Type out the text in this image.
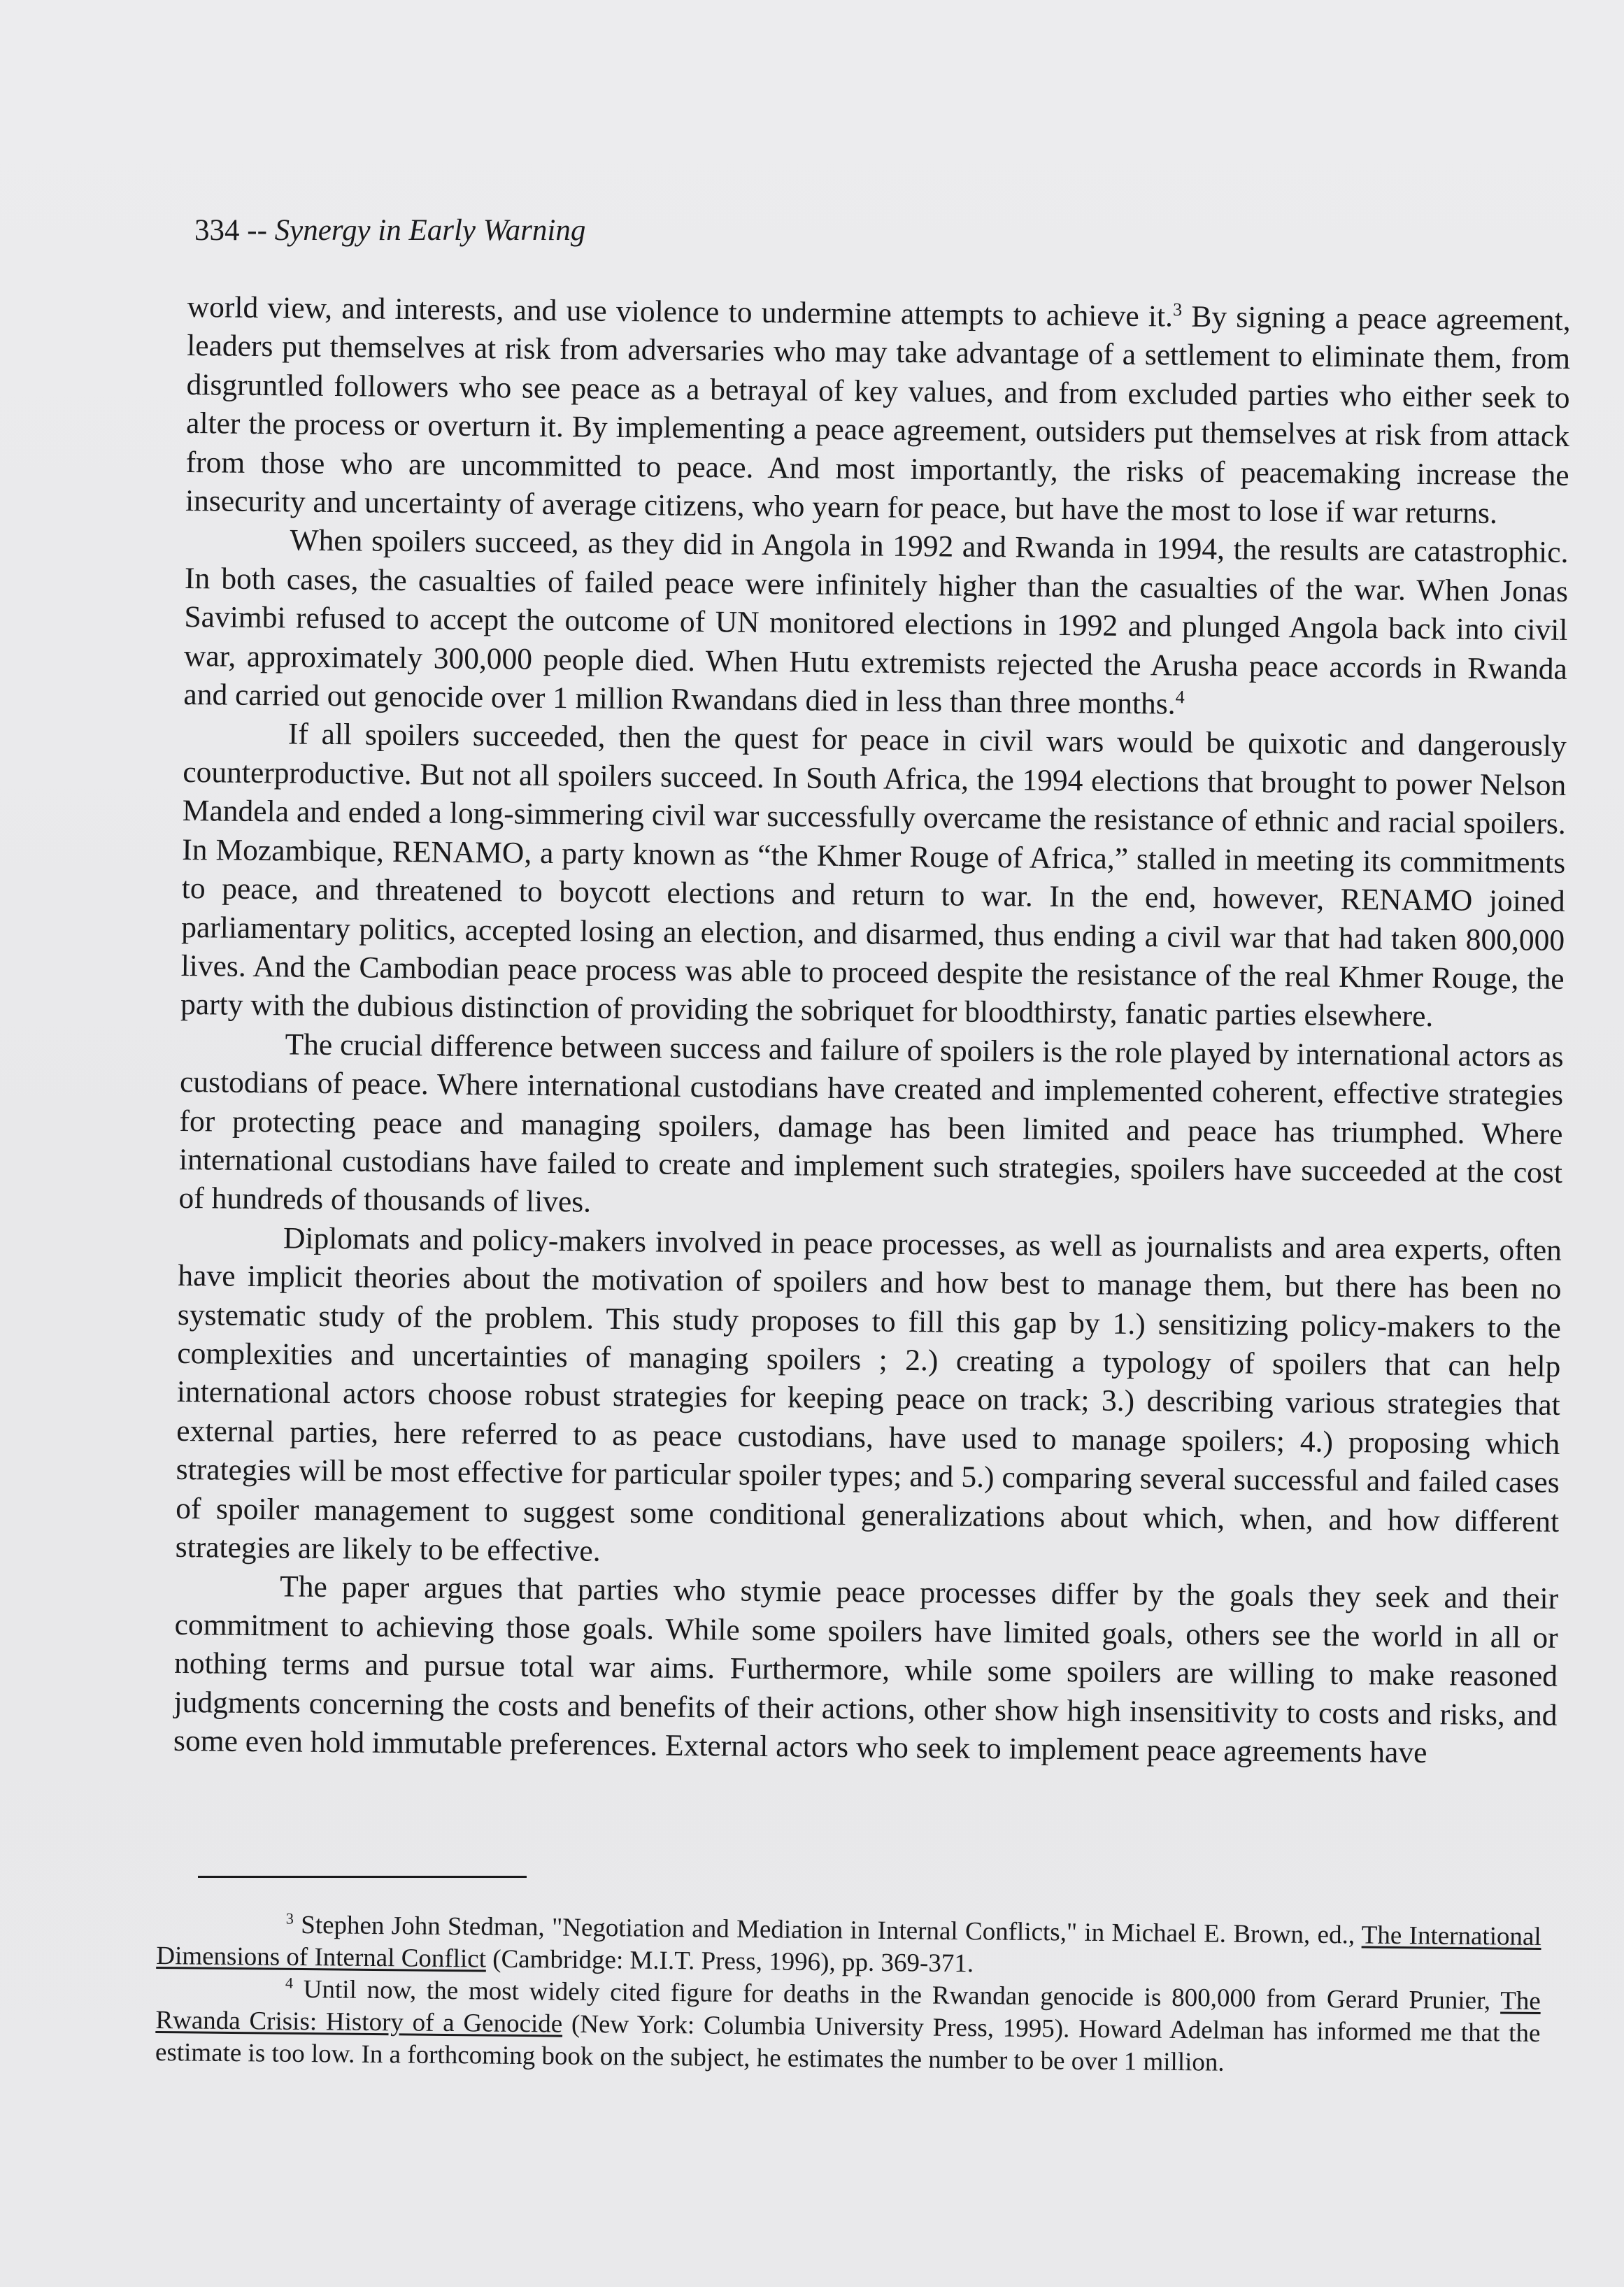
334 -- Synergy in Early Warning

world view, and interests, and use violence to undermine attempts to achieve it.$^3$ By signing a peace agreement, leaders put themselves at risk from adversaries who may take advantage of a settlement to eliminate them, from disgruntled followers who see peace as a betrayal of key values, and from excluded parties who either seek to alter the process or overturn it. By implementing a peace agreement, outsiders put themselves at risk from attack from those who are uncommitted to peace. And most importantly, the risks of peacemaking increase the insecurity and uncertainty of average citizens, who yearn for peace, but have the most to lose if war returns.

When spoilers succeed, as they did in Angola in 1992 and Rwanda in 1994, the results are catastrophic. In both cases, the casualties of failed peace were infinitely higher than the casualties of the war. When Jonas Savimbi refused to accept the outcome of UN monitored elections in 1992 and plunged Angola back into civil war, approximately 300,000 people died. When Hutu extremists rejected the Arusha peace accords in Rwanda and carried out genocide over 1 million Rwandans died in less than three months.$^4$

If all spoilers succeeded, then the quest for peace in civil wars would be quixotic and dangerously counterproductive. But not all spoilers succeed. In South Africa, the 1994 elections that brought to power Nelson Mandela and ended a long-simmering civil war successfully overcame the resistance of ethnic and racial spoilers. In Mozambique, RENAMO, a party known as “the Khmer Rouge of Africa,” stalled in meeting its commitments to peace, and threatened to boycott elections and return to war. In the end, however, RENAMO joined parliamentary politics, accepted losing an election, and disarmed, thus ending a civil war that had taken 800,000 lives. And the Cambodian peace process was able to proceed despite the resistance of the real Khmer Rouge, the party with the dubious distinction of providing the sobriquet for bloodthirsty, fanatic parties elsewhere.

The crucial difference between success and failure of spoilers is the role played by international actors as custodians of peace. Where international custodians have created and implemented coherent, effective strategies for protecting peace and managing spoilers, damage has been limited and peace has triumphed. Where international custodians have failed to create and implement such strategies, spoilers have succeeded at the cost of hundreds of thousands of lives.

Diplomats and policy-makers involved in peace processes, as well as journalists and area experts, often have implicit theories about the motivation of spoilers and how best to manage them, but there has been no systematic study of the problem. This study proposes to fill this gap by 1.) sensitizing policy-makers to the complexities and uncertainties of managing spoilers ; 2.) creating a typology of spoilers that can help international actors choose robust strategies for keeping peace on track; 3.) describing various strategies that external parties, here referred to as peace custodians, have used to manage spoilers; 4.) proposing which strategies will be most effective for particular spoiler types; and 5.) comparing several successful and failed cases of spoiler management to suggest some conditional generalizations about which, when, and how different strategies are likely to be effective.

The paper argues that parties who stymie peace processes differ by the goals they seek and their commitment to achieving those goals. While some spoilers have limited goals, others see the world in all or nothing terms and pursue total war aims. Furthermore, while some spoilers are willing to make reasoned judgments concerning the costs and benefits of their actions, other show high insensitivity to costs and risks, and some even hold immutable preferences. External actors who seek to implement peace agreements have

$^3$ Stephen John Stedman, "Negotiation and Mediation in Internal Conflicts," in Michael E. Brown, ed., The International Dimensions of Internal Conflict (Cambridge: M.I.T. Press, 1996), pp. 369-371.

$^4$ Until now, the most widely cited figure for deaths in the Rwandan genocide is 800,000 from Gerard Prunier, The Rwanda Crisis: History of a Genocide (New York: Columbia University Press, 1995). Howard Adelman has informed me that the estimate is too low. In a forthcoming book on the subject, he estimates the number to be over 1 million.
